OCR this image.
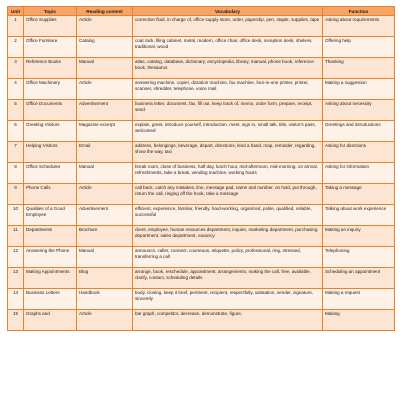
Unit	Topic	Reading context	Vocabulary	Function
1	Office Supplies	Article	correction fluid, in charge of, office supply store, order, paperclip, pen, staple, supplies, tape	Asking about requirements
2	Office Furniture	Catalog	coat rack, filing cabinet, metal, modern, office chair, office desk, reception desk, shelves, traditional, wood	Offering help
3	Reference Books	Manual	atlas, catalog, database, dictionary, encyclopedia, library, manual, phone book, reference book, thesaurus	Thanking
4	Office Machinery	Article	answering machine, copier, dictation machine, fax machine, four-in-one printer, printer, scanner, shredder, telephone, voice mail	Making a suggestion
5	Office Documents	Advertisement	business letter, document, fax, fill out, keep track of, memo, order form, prepare, receipt, send	Asking about necessity
6	Greeting Visitors	Magazine excerpt	explain, greet, introduce yourself, introduction, meet, sign in, small talk, title, visitor's pass, welcomed	Greetings and introductions
7	Helping Visitors	Email	address, belongings, beverage, depart, directions, lend a hand, map, reminder, regarding, show the way, taxi	Asking for directions
8	Office Schedules	Manual	break room, close of business, half day, lunch hour, mid-afternoon, mid-morning, on arrival, refreshments, take a break, vending machine, working hours	Asking for information
9	Phone Calls	Article	call back, catch any mistakes, line, message pad, name and number, on hold, put through, return the call, ringing off the hook, take a message	Taking a message
10	Qualities of a Good Employee	Advertisement	efficient, experience, familiar, friendly, hard-working, organized, polite, qualified, reliable, successful	Talking about work experience
11	Departments	Brochure	client, employee, human resources department, inquire, marketing department, purchasing department, sales department, vacancy	Making an inquiry
12	Answering the Phone	Manual	announce, caller, connect, courteous, etiquette, policy, professional, ring, stressed, transferring a call	Telephoning
13	Making Appointments	Blog	arrange, book, reschedule, appointment, arrangements, making the call, free, available, clarify, contact, scheduling details	Scheduling an appointment
14	Business Letters	Handbook	body, closing, keep it brief, pertinent, recipient, respectfully, salutation, sender, signature, sincerely	Making a request
15	Graphs and	Article	bar graph, competitor, decrease, demonstrate, figure,	Making
